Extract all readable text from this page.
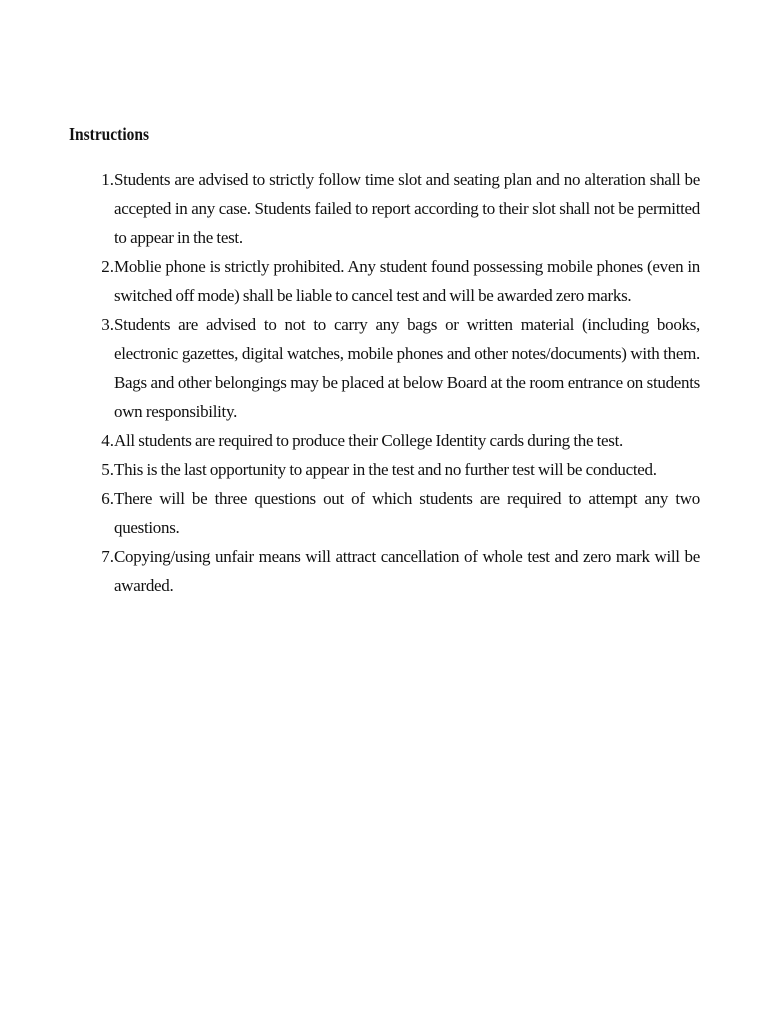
Instructions
1. Students are advised to strictly follow time slot and seating plan and no alteration shall be accepted in any case. Students failed to report according to their slot shall not be permitted to appear in the test.
2. Moblie phone is strictly prohibited. Any student found possessing mobile phones (even in switched off mode) shall be liable to cancel test and will be awarded zero marks.
3. Students are advised to not to carry any bags or written material (including books, electronic gazettes, digital watches, mobile phones and other notes/documents) with them. Bags and other belongings may be placed at below Board at the room entrance on students own responsibility.
4. All students are required to produce their College Identity cards during the test.
5. This is the last opportunity to appear in the test and no further test will be conducted.
6. There will be three questions out of which students are required to attempt any two questions.
7. Copying/using unfair means will attract cancellation of whole test and zero mark will be awarded.
